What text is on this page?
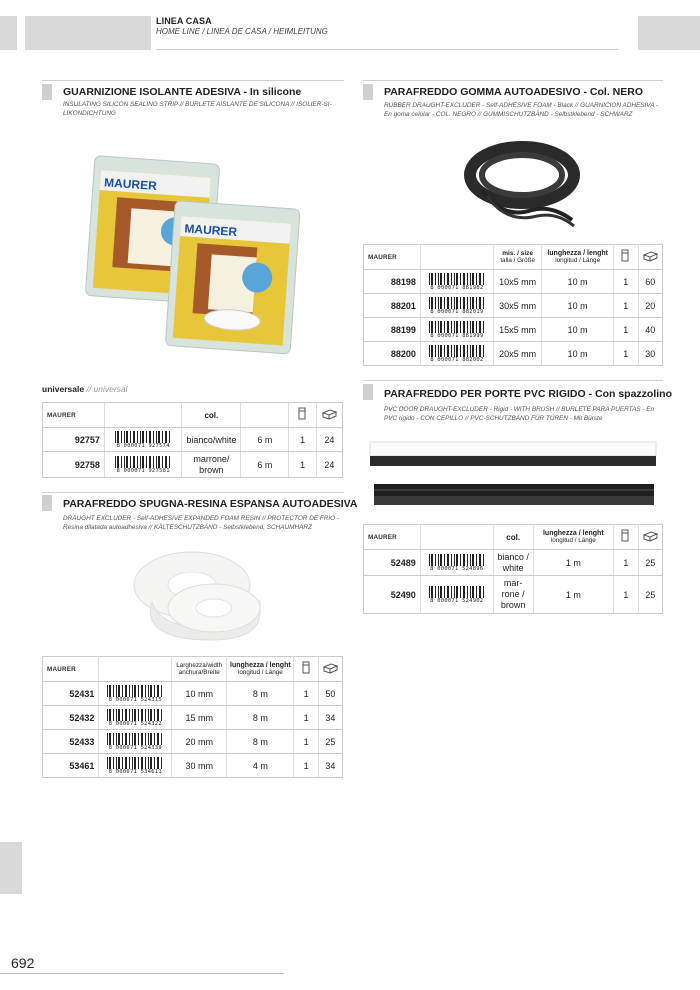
LINEA CASA
HOME LINE / LINEA DE CASA / HEIMLEITUNG
GUARNIZIONE ISOLANTE ADESIVA - In silicone
INSULATING SILICON SEALING STRIP // BURLETE AISLANTE DE SILICONA // ISOLIER-SI-LIKONDICHTUNG
MAURER
MAURER
universale // universal
MAURER		col.			
92757	8 000071 927574	bianco/white	6 m	1	24
92758	8 000071 927581	marrone/ brown	6 m	1	24
PARAFREDDO SPUGNA-RESINA ESPANSA AUTOADESIVA
DRAUGHT EXCLUDER - Self-ADHESIVE EXPANDED FOAM RESIN // PROTECTOR DE FRIO - Resina dilatada autoadhesiva // KÄLTESCHUTZBÄND - Selbstklebend, SCHAUMHARZ
MAURER		Larghezza/width
anchura/Breite	lunghezza / lenght
longitud / Länge		
52431	8 000071 524315	10 mm	8 m	1	50
52432	8 000071 524322	15 mm	8 m	1	34
52433	8 000071 524339	20 mm	8 m	1	25
53461	8 000071 534611	30 mm	4 m	1	34
PARAFREDDO GOMMA AUTOADESIVO - Col. NERO
RUBBER DRAUGHT-EXCLUDER - Self-ADHESIVE FOAM - Black // GUARNICION ADHESIVA - En goma celular - COL. NEGRO // GUMMISCHUTZBÄND - Selbstklebend - SCHWARZ
MAURER		mis. / size
talla / Größe	lunghezza / lenght
longitud / Länge		
88198	8 000071 881982	10x5 mm	10 m	1	60
88201	8 000071 882019	30x5 mm	10 m	1	20
88199	8 000071 881999	15x5 mm	10 m	1	40
88200	8 000071 882002	20x5 mm	10 m	1	30
PARAFREDDO PER PORTE PVC RIGIDO - Con spazzolino
PVC DOOR DRAUGHT-EXCLUDER - Rigid - WITH BRUSH // BURLETE PARA PUERTAS - En PVC rigido - CON CEPILLO // PVC-SCHUTZBÄND FÜR TÜREN - Mit Bürste
MAURER		col.	lunghezza / lenght
longitud / Länge		
52489	8 000071 524896	bianco / white	1 m	1	25
52490	8 000071 524902	mar- rone / brown	1 m	1	25
692
